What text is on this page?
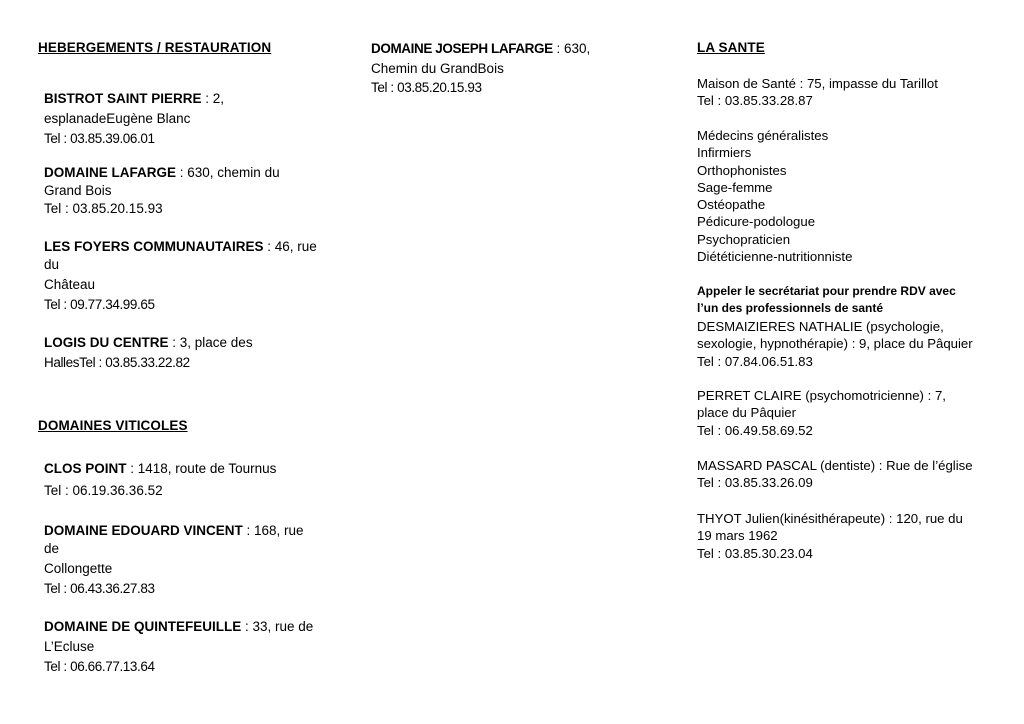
HEBERGEMENTS / RESTAURATION
BISTROT SAINT PIERRE : 2,
esplanadeEugène Blanc
Tel : 03.85.39.06.01
DOMAINE LAFARGE : 630, chemin du
Grand Bois
Tel : 03.85.20.15.93
LES FOYERS COMMUNAUTAIRES : 46, rue
du
Château
Tel : 09.77.34.99.65
LOGIS DU CENTRE : 3, place des
HallesTel : 03.85.33.22.82
DOMAINES VITICOLES
CLOS POINT : 1418, route de Tournus
Tel : 06.19.36.36.52
DOMAINE EDOUARD VINCENT : 168, rue
de
Collongette
Tel : 06.43.36.27.83
DOMAINE DE QUINTEFEUILLE : 33, rue de
L’Ecluse
Tel : 06.66.77.13.64
DOMAINE JOSEPH LAFARGE : 630,
Chemin du GrandBois
Tel : 03.85.20.15.93
LA SANTE
Maison de Santé : 75, impasse du Tarillot
Tel : 03.85.33.28.87
Médecins généralistes
Infirmiers
Orthophonistes
Sage-femme
Ostéopathe
Pédicure-podologue
Psychopraticien
Diététicienne-nutritionniste
Appeler le secrétariat pour prendre RDV avec
l’un des professionnels de santé
DESMAIZIERES NATHALIE (psychologie,
sexologie, hypnothérapie) : 9, place du Pâquier
Tel : 07.84.06.51.83
PERRET CLAIRE (psychomotricienne) : 7,
place du Pâquier
Tel : 06.49.58.69.52
MASSARD PASCAL (dentiste) : Rue de l’église
Tel : 03.85.33.26.09
THYOT Julien(kinésithérapeute) : 120, rue du
19 mars 1962
Tel : 03.85.30.23.04
